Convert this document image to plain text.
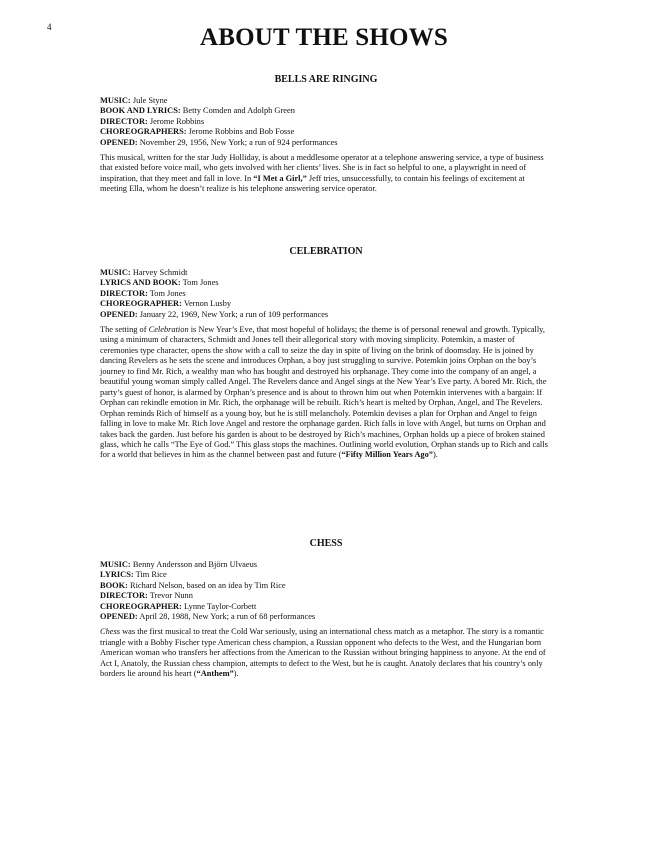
4	ABOUT THE SHOWS
BELLS ARE RINGING
MUSIC: Jule Styne
BOOK AND LYRICS: Betty Comden and Adolph Green
DIRECTOR: Jerome Robbins
CHOREOGRAPHERS: Jerome Robbins and Bob Fosse
OPENED: November 29, 1956, New York; a run of 924 performances

This musical, written for the star Judy Holliday, is about a meddlesome operator at a telephone answering service, a type of business that existed before voice mail, who gets involved with her clients’ lives. She is in fact so helpful to one, a playwright in need of inspiration, that they meet and fall in love. In “I Met a Girl,” Jeff tries, unsuccessfully, to contain his feelings of excitement at meeting Ella, whom he doesn’t realize is his telephone answering service operator.

CELEBRATION
MUSIC: Harvey Schmidt
LYRICS AND BOOK: Tom Jones
DIRECTOR: Tom Jones
CHOREOGRAPHER: Vernon Lusby
OPENED: January 22, 1969, New York; a run of 109 performances

The setting of Celebration is New Year’s Eve, that most hopeful of holidays; the theme is of personal renewal and growth. Typically, using a minimum of characters, Schmidt and Jones tell their allegorical story with moving simplicity. Potemkin, a master of ceremonies type character, opens the show with a call to seize the day in spite of living on the brink of doomsday. He is joined by dancing Revelers as he sets the scene and introduces Orphan, a boy just struggling to survive. Potemkin joins Orphan on the boy’s journey to find Mr. Rich, a wealthy man who has bought and destroyed his orphanage. They come into the company of an angel, a beautiful young woman simply called Angel. The Revelers dance and Angel sings at the New Year’s Eve party. A bored Mr. Rich, the party’s guest of honor, is alarmed by Orphan’s presence and is about to thrown him out when Potemkin intervenes with a bargain: If Orphan can rekindle emotion in Mr. Rich, the orphanage will be rebuilt. Rich’s heart is melted by Orphan, Angel, and The Revelers. Orphan reminds Rich of himself as a young boy, but he is still melancholy. Potemkin devises a plan for Orphan and Angel to feign falling in love to make Mr. Rich love Angel and restore the orphanage garden. Rich falls in love with Angel, but turns on Orphan and takes back the garden. Just before his garden is about to be destroyed by Rich’s machines, Orphan holds up a piece of broken stained glass, which he calls “The Eye of God.” This glass stops the machines. Outlining world evolution, Orphan stands up to Rich and calls for a world that believes in him as the channel between past and future (“Fifty Million Years Ago”).

CHESS
MUSIC: Benny Andersson and Björn Ulvaeus
LYRICS: Tim Rice
BOOK: Richard Nelson, based on an idea by Tim Rice
DIRECTOR: Trevor Nunn
CHOREOGRAPHER: Lynne Taylor-Corbett
OPENED: April 28, 1988, New York; a run of 68 performances

Chess was the first musical to treat the Cold War seriously, using an international chess match as a metaphor. The story is a romantic triangle with a Bobby Fischer type American chess champion, a Russian opponent who defects to the West, and the Hungarian born American woman who transfers her affections from the American to the Russian without bringing happiness to anyone. At the end of Act I, Anatoly, the Russian chess champion, attempts to defect to the West, but he is caught. Anatoly declares that his country’s only borders lie around his heart (“Anthem”).
